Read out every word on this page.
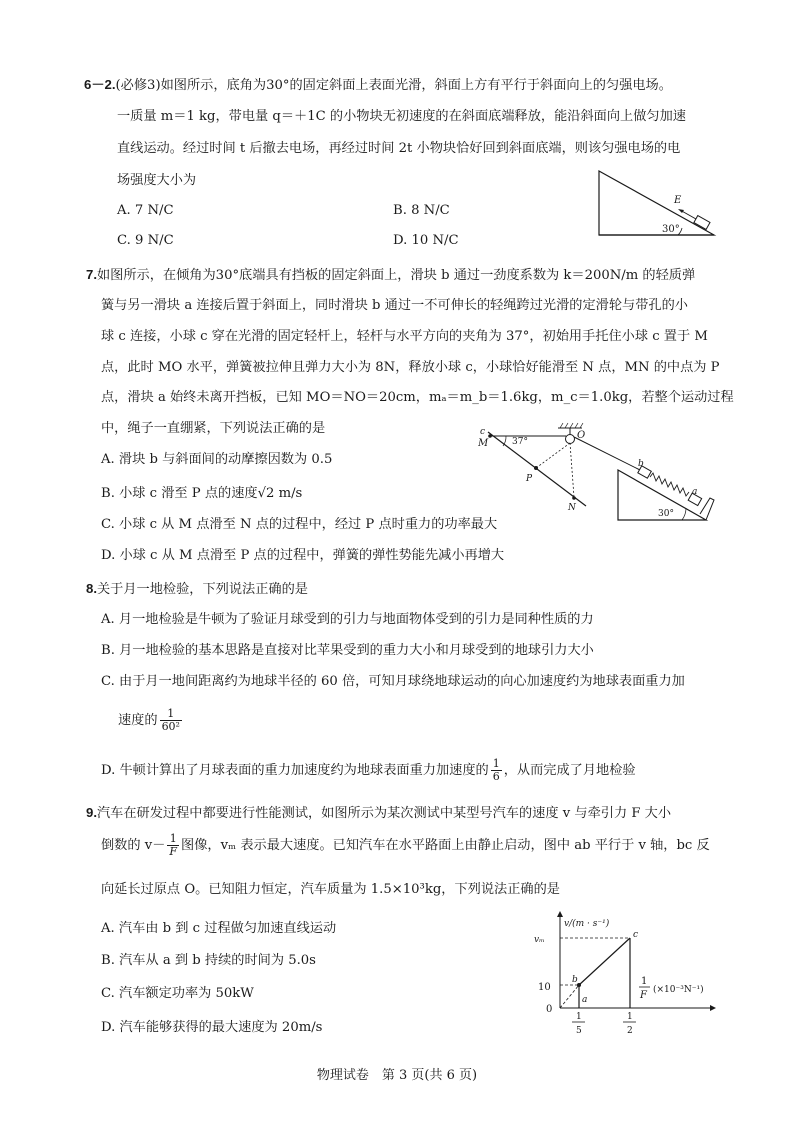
6－2.(必修3)如图所示，底角为30°的固定斜面上表面光滑，斜面上方有平行于斜面向上的匀强电场。
一质量 m＝1 kg，带电量 q＝＋1C 的小物块无初速度的在斜面底端释放，能沿斜面向上做匀加速
直线运动。经过时间 t 后撤去电场，再经过时间 2t 小物块恰好回到斜面底端，则该匀强电场的电
场强度大小为
A. 7 N/C	B. 8 N/C
C. 9 N/C	D. 10 N/C
E
30°
7.如图所示，在倾角为30°底端具有挡板的固定斜面上，滑块 b 通过一劲度系数为 k＝200N/m 的轻质弹
簧与另一滑块 a 连接后置于斜面上，同时滑块 b 通过一不可伸长的轻绳跨过光滑的定滑轮与带孔的小
球 c 连接，小球 c 穿在光滑的固定轻杆上，轻杆与水平方向的夹角为 37°，初始用手托住小球 c 置于 M
点，此时 MO 水平，弹簧被拉伸且弹力大小为 8N，释放小球 c，小球恰好能滑至 N 点，MN 的中点为 P
点，滑块 a 始终未离开挡板，已知 MO＝NO＝20cm，mₐ＝m_b＝1.6kg，m_c＝1.0kg，若整个运动过程
中，绳子一直绷紧，下列说法正确的是
A. 滑块 b 与斜面间的动摩擦因数为 0.5
B. 小球 c 滑至 P 点的速度√2 m/s
C. 小球 c 从 M 点滑至 N 点的过程中，经过 P 点时重力的功率最大
D. 小球 c 从 M 点滑至 P 点的过程中，弹簧的弹性势能先减小再增大
M
c
37°
O
P
N
b
a
30°
8.关于月一地检验，下列说法正确的是
A. 月一地检验是牛顿为了验证月球受到的引力与地面物体受到的引力是同种性质的力
B. 月一地检验的基本思路是直接对比苹果受到的重力大小和月球受到的地球引力大小
C. 由于月一地间距离约为地球半径的 60 倍，可知月球绕地球运动的向心加速度约为地球表面重力加
速度的 $\frac{1}{\text{60²}}$
D. 牛顿计算出了月球表面的重力加速度约为地球表面重力加速度的 $\frac{1}{6}$ ，从而完成了月地检验
9.汽车在研发过程中都要进行性能测试，如图所示为某次测试中某型号汽车的速度 v 与牵引力 F 大小
倒数的 $v- \frac{1}{F}$ 图像，vₘ 表示最大速度。已知汽车在水平路面上由静止启动，图中 ab 平行于 v 轴，bc 反
向延长过原点 O。已知阻力恒定，汽车质量为 1.5×10³kg，下列说法正确的是
A. 汽车由 b 到 c 过程做匀加速直线运动
B. 汽车从 a 到 b 持续的时间为 5.0s
C. 汽车额定功率为 50kW
D. 汽车能够获得的最大速度为 20m/s
vₘ
10
0
v/(m · s⁻¹)
a
b
c
1
F (×10⁻³N⁻¹)
1
5
1
2
物理试卷　第 3 页(共 6 页)
